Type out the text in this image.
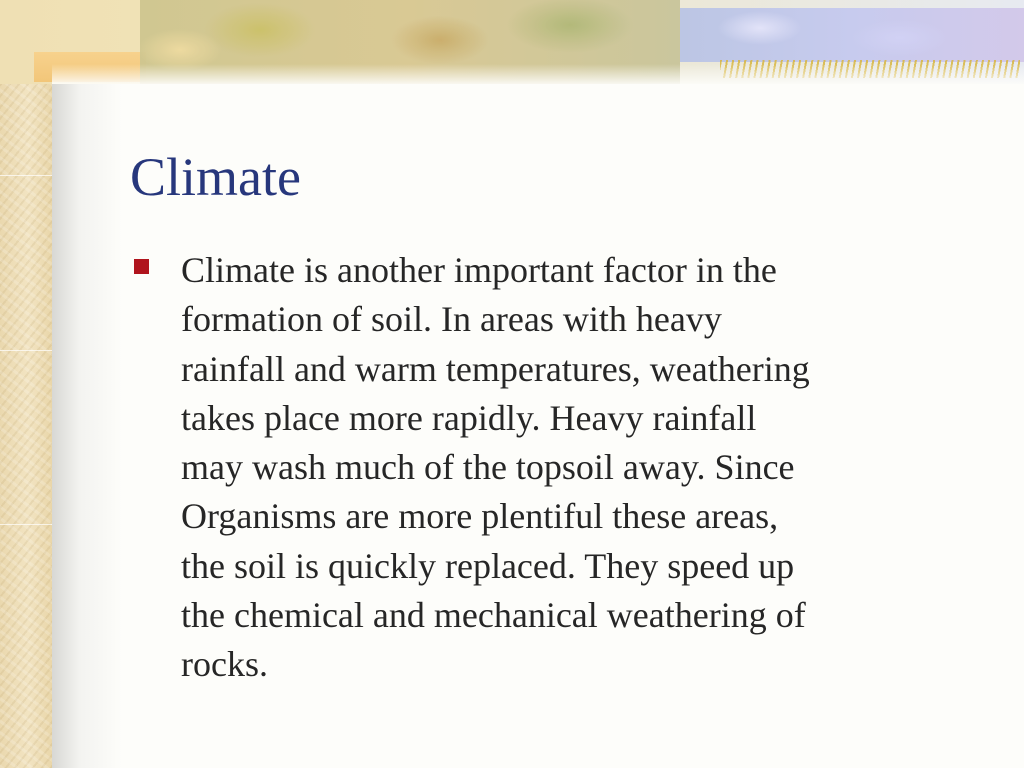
Climate
Climate is another important factor in the
formation of soil. In areas with heavy
rainfall and warm temperatures, weathering
takes place more rapidly. Heavy rainfall
may wash much of the topsoil away. Since
Organisms are more plentiful these areas,
the soil is quickly replaced. They speed up
the chemical and mechanical weathering of
rocks.
